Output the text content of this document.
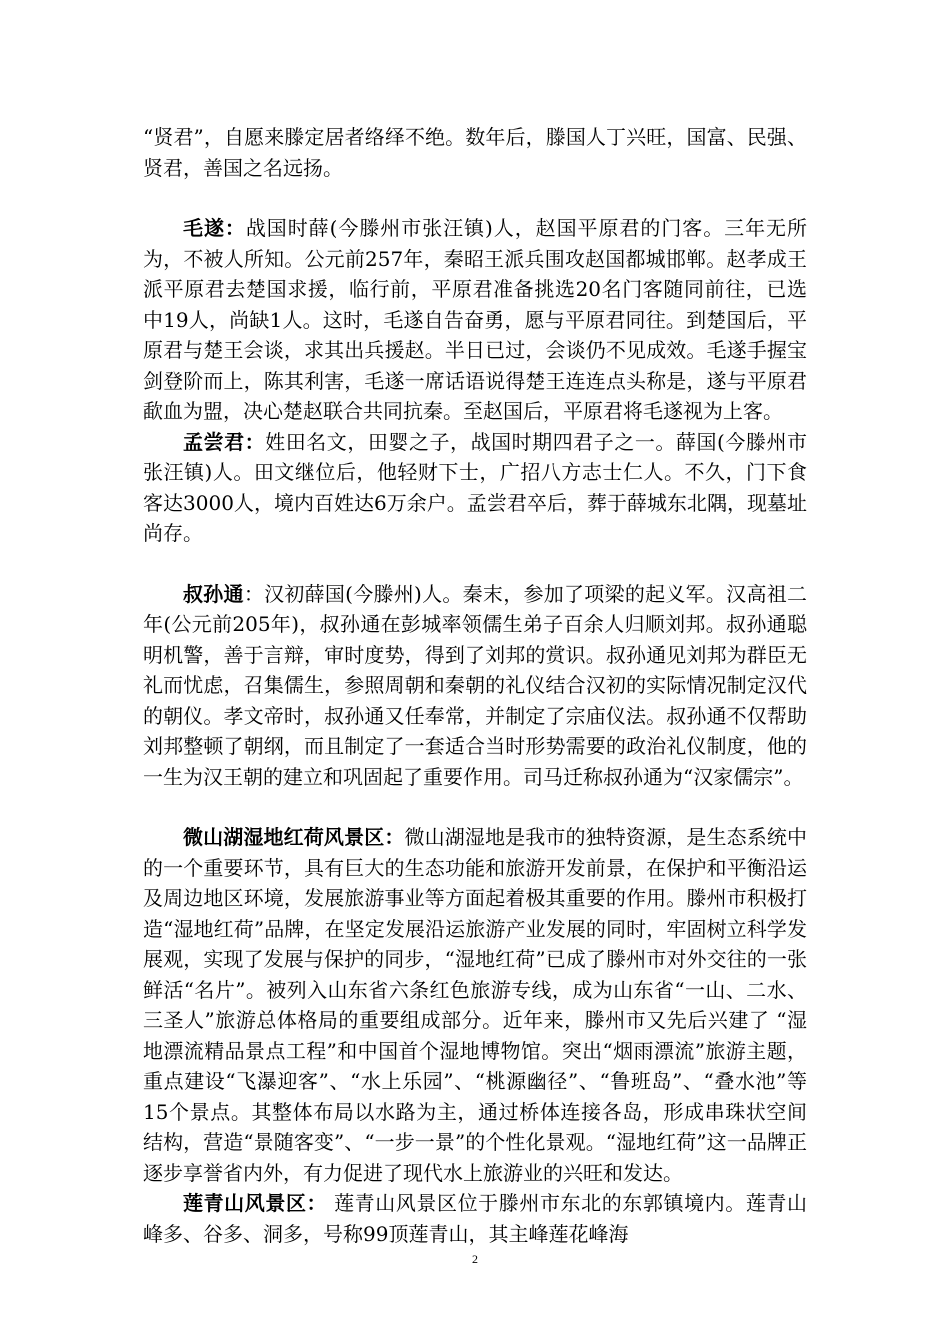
“贤君”，自愿来滕定居者络绎不绝。数年后，滕国人丁兴旺，国富、民强、贤君，善国之名远扬。

毛遂：战国时薛(今滕州市张汪镇)人，赵国平原君的门客。三年无所为，不被人所知。公元前257年，秦昭王派兵围攻赵国都城邯郸。赵孝成王派平原君去楚国求援，临行前，平原君准备挑选20名门客随同前往，已选中19人，尚缺1人。这时，毛遂自告奋勇，愿与平原君同往。到楚国后，平原君与楚王会谈，求其出兵援赵。半日已过，会谈仍不见成效。毛遂手握宝剑登阶而上，陈其利害，毛遂一席话语说得楚王连连点头称是，遂与平原君歃血为盟，决心楚赵联合共同抗秦。至赵国后，平原君将毛遂视为上客。

孟尝君：姓田名文，田婴之子，战国时期四君子之一。薛国(今滕州市张汪镇)人。田文继位后，他轻财下士，广招八方志士仁人。不久，门下食客达3000人，境内百姓达6万余户。孟尝君卒后，葬于薛城东北隅，现墓址尚存。

叔孙通：汉初薛国(今滕州)人。秦末，参加了项梁的起义军。汉高祖二年(公元前205年)，叔孙通在彭城率领儒生弟子百余人归顺刘邦。叔孙通聪明机警，善于言辩，审时度势，得到了刘邦的赏识。叔孙通见刘邦为群臣无礼而忧虑，召集儒生，参照周朝和秦朝的礼仪结合汉初的实际情况制定汉代的朝仪。孝文帝时，叔孙通又任奉常，并制定了宗庙仪法。叔孙通不仅帮助刘邦整顿了朝纲，而且制定了一套适合当时形势需要的政治礼仪制度，他的一生为汉王朝的建立和巩固起了重要作用。司马迁称叔孙通为“汉家儒宗”。

微山湖湿地红荷风景区：微山湖湿地是我市的独特资源，是生态系统中的一个重要环节，具有巨大的生态功能和旅游开发前景，在保护和平衡沿运及周边地区环境，发展旅游事业等方面起着极其重要的作用。滕州市积极打造“湿地红荷”品牌，在坚定发展沿运旅游产业发展的同时，牢固树立科学发展观，实现了发展与保护的同步，“湿地红荷”已成了滕州市对外交往的一张鲜活“名片”。被列入山东省六条红色旅游专线，成为山东省“一山、二水、三圣人”旅游总体格局的重要组成部分。近年来，滕州市又先后兴建了 “湿地漂流精品景点工程”和中国首个湿地博物馆。突出“烟雨漂流”旅游主题，重点建设“飞瀑迎客”、“水上乐园”、“桃源幽径”、“鲁班岛”、“叠水池”等15个景点。其整体布局以水路为主，通过桥体连接各岛，形成串珠状空间结构，营造“景随客变”、“一步一景”的个性化景观。“湿地红荷”这一品牌正逐步享誉省内外，有力促进了现代水上旅游业的兴旺和发达。

莲青山风景区： 莲青山风景区位于滕州市东北的东郭镇境内。莲青山峰多、谷多、洞多，号称99顶莲青山，其主峰莲花峰海

2
